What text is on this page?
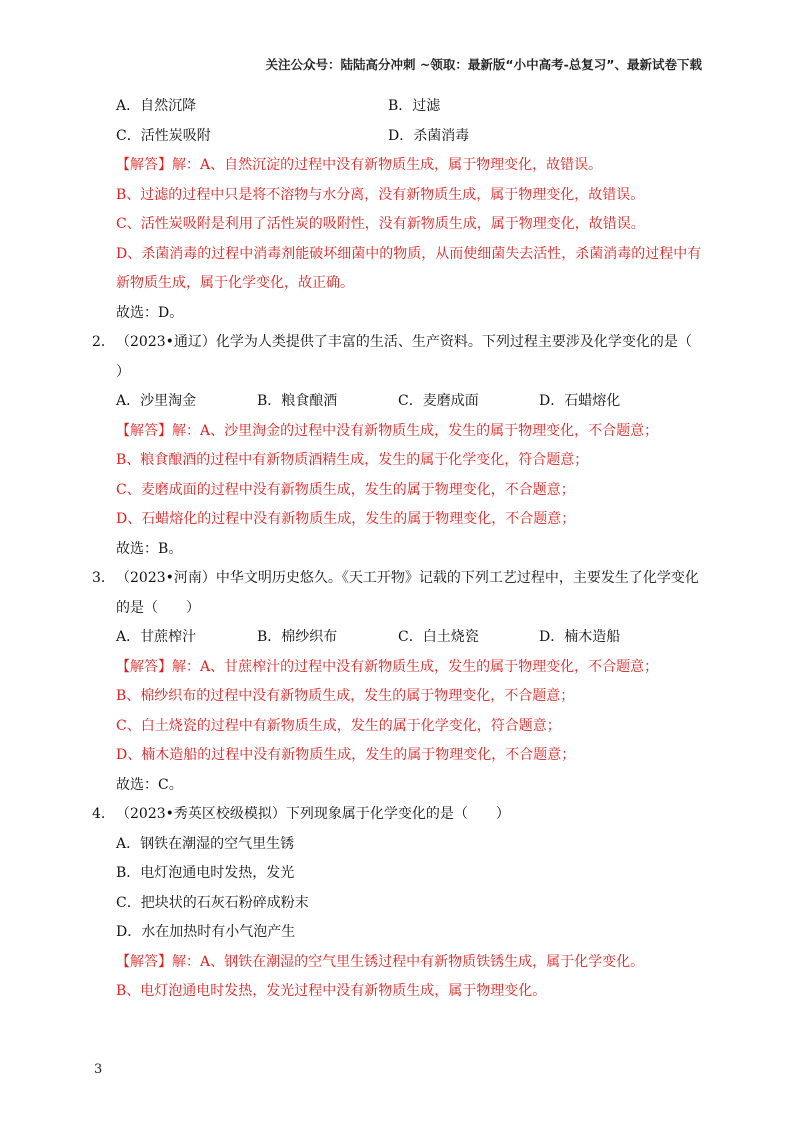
关注公众号：陆陆高分冲刺 ~领取：最新版“小中高考-总复习”、最新试卷下载
A．自然沉降	B．过滤
C．活性炭吸附	D．杀菌消毒
【解答】解：A、自然沉淀的过程中没有新物质生成，属于物理变化，故错误。
B、过滤的过程中只是将不溶物与水分离，没有新物质生成，属于物理变化，故错误。
C、活性炭吸附是利用了活性炭的吸附性，没有新物质生成，属于物理变化，故错误。
D、杀菌消毒的过程中消毒剂能破坏细菌中的物质，从而使细菌失去活性，杀菌消毒的过程中有
新物质生成，属于化学变化，故正确。
故选：D。
2． （2023•通辽）化学为人类提供了丰富的生活、生产资料。下列过程主要涉及化学变化的是（
）
A．沙里淘金	B．粮食酿酒	C．麦磨成面	D．石蜡熔化
【解答】解：A、沙里淘金的过程中没有新物质生成，发生的属于物理变化，不合题意；
B、粮食酿酒的过程中有新物质酒精生成，发生的属于化学变化，符合题意；
C、麦磨成面的过程中没有新物质生成，发生的属于物理变化，不合题意；
D、石蜡熔化的过程中没有新物质生成，发生的属于物理变化，不合题意；
故选：B。
3． （2023•河南）中华文明历史悠久。《天工开物》记载的下列工艺过程中，主要发生了化学变化
的是（　　）
A．甘蔗榨汁	B．棉纱织布	C．白土烧瓷	D．楠木造船
【解答】解：A、甘蔗榨汁的过程中没有新物质生成，发生的属于物理变化，不合题意；
B、棉纱织布的过程中没有新物质生成，发生的属于物理变化，不合题意；
C、白土烧瓷的过程中有新物质生成，发生的属于化学变化，符合题意；
D、楠木造船的过程中没有新物质生成，发生的属于物理变化，不合题意；
故选：C。
4． （2023•秀英区校级模拟）下列现象属于化学变化的是（　　）
A．钢铁在潮湿的空气里生锈
B．电灯泡通电时发热，发光
C．把块状的石灰石粉碎成粉末
D．水在加热时有小气泡产生
【解答】解：A、钢铁在潮湿的空气里生锈过程中有新物质铁锈生成，属于化学变化。
B、电灯泡通电时发热，发光过程中没有新物质生成，属于物理变化。
3
